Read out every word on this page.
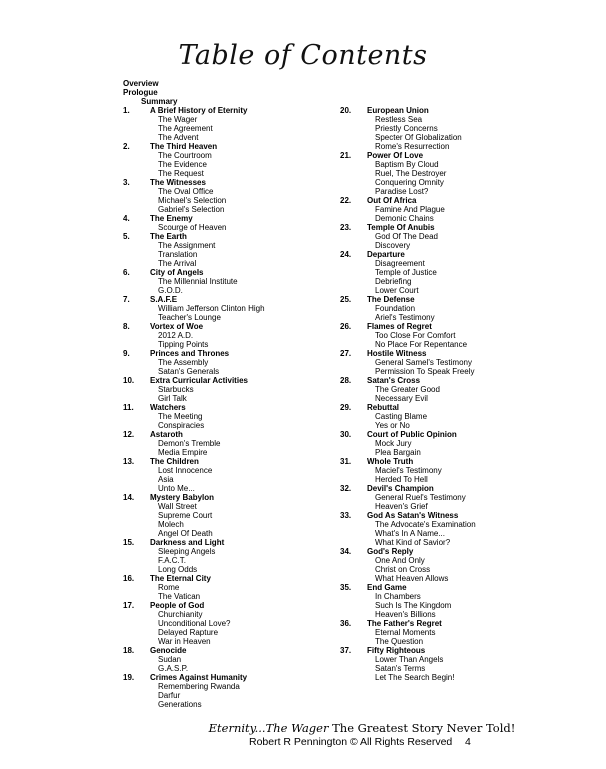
Table of Contents
Overview
Prologue
Summary
1.	A Brief History of Eternity
The Wager
The Agreement
The Advent
2.	The Third Heaven
The Courtroom
The Evidence
The Request
3.	The Witnesses
The Oval Office
Michael's Selection
Gabriel's Selection
4.	The Enemy
Scourge of Heaven
5.	The Earth
The Assignment
Translation
The Arrival
6.	City of Angels
The Millennial Institute
G.O.D.
7.	S.A.F.E
William Jefferson Clinton High
Teacher's Lounge
8.	Vortex of Woe
2012 A.D.
Tipping Points
9.	Princes and Thrones
The Assembly
Satan's Generals
10. Extra Curricular Activities
Starbucks
Girl Talk
11. Watchers
The Meeting
Conspiracies
12. Astaroth
Demon's Tremble
Media Empire
13. The Children
Lost Innocence
Asia
Unto Me...
14. Mystery Babylon
Wall Street
Supreme Court
Molech
Angel Of Death
15. Darkness and Light
Sleeping Angels
F.A.C.T.
Long Odds
16. The Eternal City
Rome
The Vatican
17. People of God
Churchianity
Unconditional Love?
Delayed Rapture
War in Heaven
18. Genocide
Sudan
G.A.S.P.
19. Crimes Against Humanity
Remembering Rwanda
Darfur
Generations
20. European Union
Restless Sea
Priestly Concerns
Specter Of Globalization
Rome's Resurrection
21. Power Of Love
Baptism By Cloud
Ruel, The Destroyer
Conquering Omnity
Paradise Lost?
22. Out Of Africa
Famine And Plague
Demonic Chains
23. Temple Of Anubis
God Of The Dead
Discovery
24. Departure
Disagreement
Temple of Justice
Debriefing
Lower Court
25. The Defense
Foundation
Ariel's Testimony
26. Flames of Regret
Too Close For Comfort
No Place For Repentance
27. Hostile Witness
General Samel's Testimony
Permission To Speak Freely
28. Satan's Cross
The Greater Good
Necessary Evil
29. Rebuttal
Casting Blame
Yes or No
30. Court of Public Opinion
Mock Jury
Plea Bargain
31. Whole Truth
Maciel's Testimony
Herded To Hell
32. Devil's Champion
General Ruel's Testimony
Heaven's Grief
33. God As Satan's Witness
The Advocate's Examination
What's In A Name...
What Kind of Savior?
34. God's Reply
One And Only
Christ on Cross
What Heaven Allows
35. End Game
In Chambers
Such Is The Kingdom
Heaven's Billions
36. The Father's Regret
Eternal Moments
The Question
37. Fifty Righteous
Lower Than Angels
Satan's Terms
Let The Search Begin!
Eternity...The Wager The Greatest Story Never Told!
Robert R Pennington © All Rights Reserved 4
